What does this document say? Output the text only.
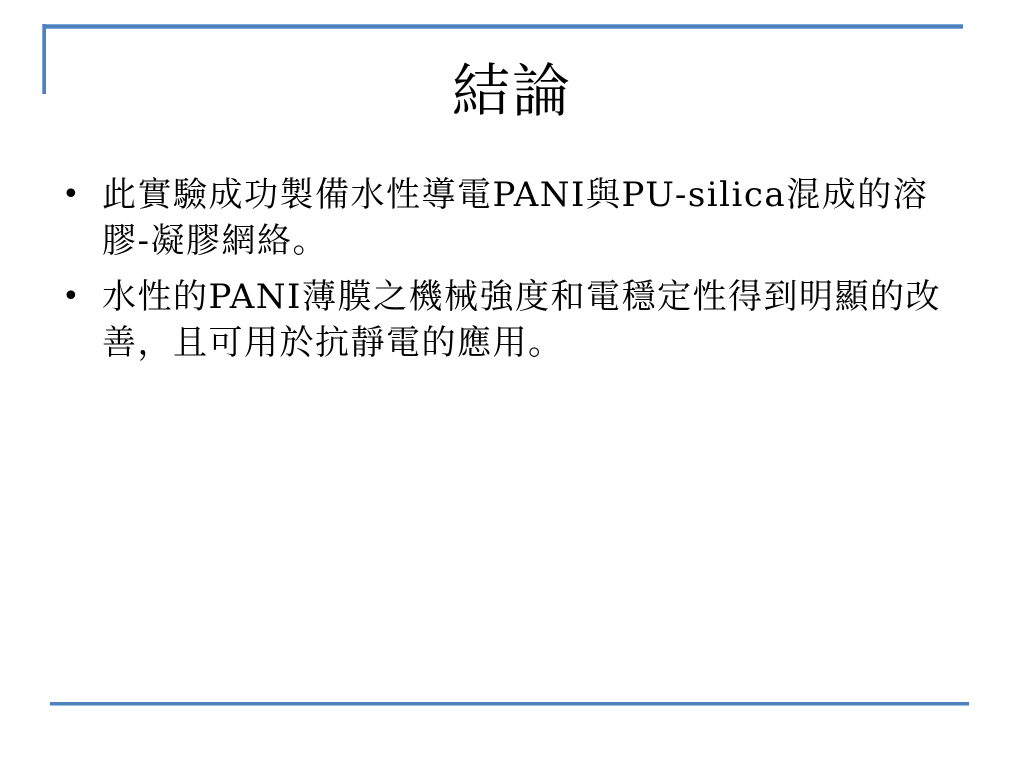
結論
• 此實驗成功製備水性導電PANI與PU-silica混成的溶膠-凝膠網絡。
• 水性的PANI薄膜之機械強度和電穩定性得到明顯的改善，且可用於抗靜電的應用。
